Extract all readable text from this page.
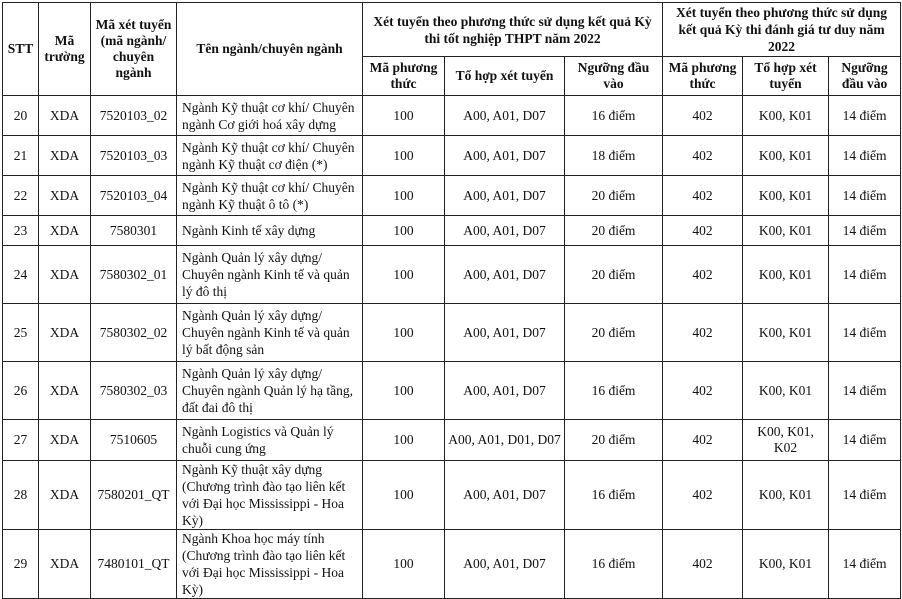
STT	Mã trường	Mã xét tuyển (mã ngành/ chuyên ngành	Tên ngành/chuyên ngành	Xét tuyển theo phương thức sử dụng kết quả Kỳ thi tốt nghiệp THPT năm 2022			Xét tuyển theo phương thức sử dụng kết quả Kỳ thi đánh giá tư duy năm 2022		
				Mã phương thức	Tổ hợp xét tuyển	Ngưỡng đầu vào	Mã phương thức	Tổ hợp xét tuyển	Ngưỡng đầu vào
20	XDA	7520103_02	Ngành Kỹ thuật cơ khí/ Chuyên ngành Cơ giới hoá xây dựng	100	A00, A01, D07	16 điểm	402	K00, K01	14 điểm
21	XDA	7520103_03	Ngành Kỹ thuật cơ khí/ Chuyên ngành Kỹ thuật cơ điện (*)	100	A00, A01, D07	18 điểm	402	K00, K01	14 điểm
22	XDA	7520103_04	Ngành Kỹ thuật cơ khí/ Chuyên ngành Kỹ thuật ô tô (*)	100	A00, A01, D07	20 điểm	402	K00, K01	14 điểm
23	XDA	7580301	Ngành Kinh tế xây dựng	100	A00, A01, D07	20 điểm	402	K00, K01	14 điểm
24	XDA	7580302_01	Ngành Quản lý xây dựng/ Chuyên ngành Kinh tế và quản lý đô thị	100	A00, A01, D07	20 điểm	402	K00, K01	14 điểm
25	XDA	7580302_02	Ngành Quản lý xây dựng/ Chuyên ngành Kinh tế và quản lý bất động sản	100	A00, A01, D07	20 điểm	402	K00, K01	14 điểm
26	XDA	7580302_03	Ngành Quản lý xây dựng/ Chuyên ngành Quản lý hạ tầng, đất đai đô thị	100	A00, A01, D07	16 điểm	402	K00, K01	14 điểm
27	XDA	7510605	Ngành Logistics và Quản lý chuỗi cung ứng	100	A00, A01, D01, D07	20 điểm	402	K00, K01, K02	14 điểm
28	XDA	7580201_QT	Ngành Kỹ thuật xây dựng (Chương trình đào tạo liên kết với Đại học Mississippi - Hoa Kỳ)	100	A00, A01, D07	16 điểm	402	K00, K01	14 điểm
29	XDA	7480101_QT	Ngành Khoa học máy tính (Chương trình đào tạo liên kết với Đại học Mississippi - Hoa Kỳ)	100	A00, A01, D07	16 điểm	402	K00, K01	14 điểm
